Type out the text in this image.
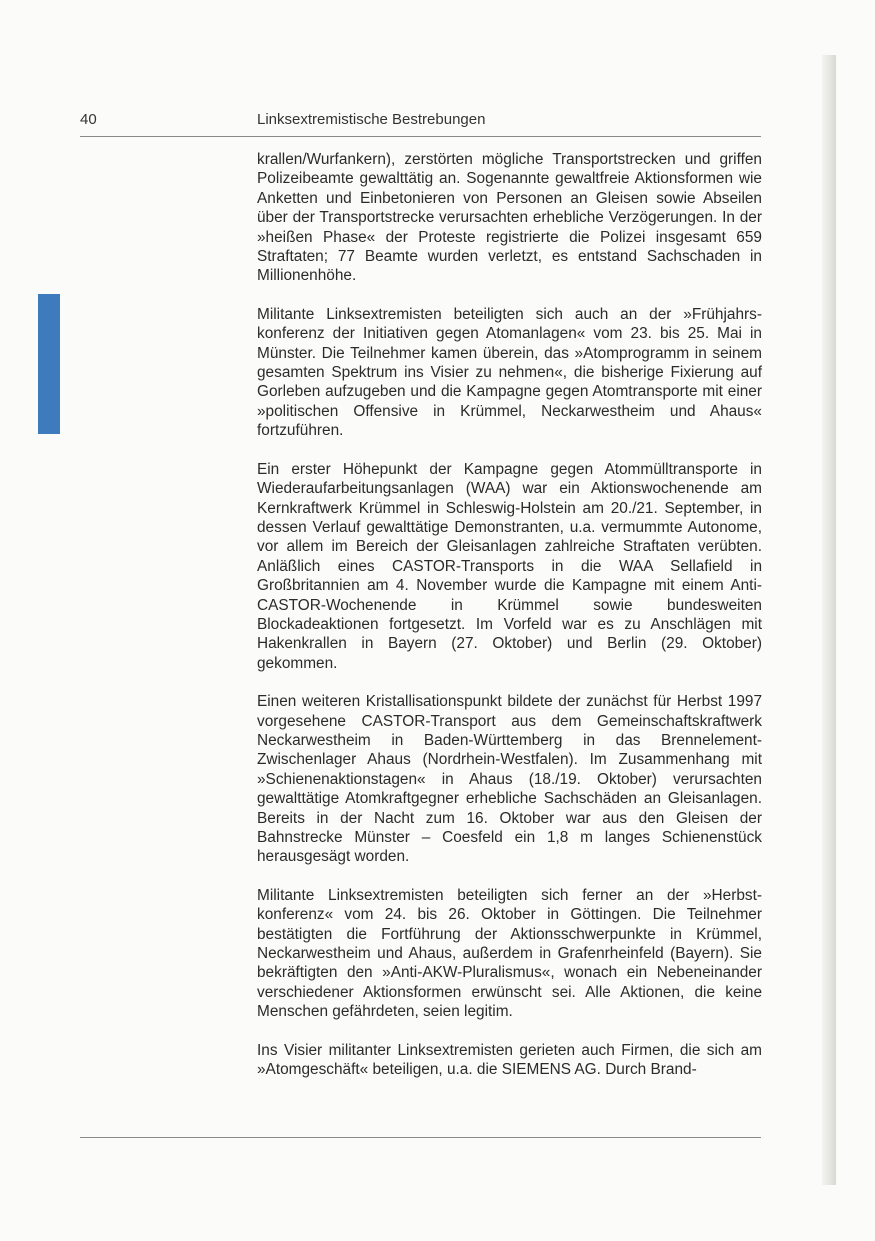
40	Linksextremistische Bestrebungen

krallen/Wurfankern), zerstörten mögliche Transportstrecken und griffen Polizeibeamte gewalttätig an. Sogenannte gewaltfreie Aktionsformen wie Anketten und Einbetonieren von Personen an Gleisen sowie Abseilen über der Transportstrecke verursachten erhebliche Verzögerungen. In der »heißen Phase« der Proteste registrierte die Polizei insgesamt 659 Straftaten; 77 Beamte wurden verletzt, es entstand Sachschaden in Millionenhöhe.

Militante Linksextremisten beteiligten sich auch an der »Frühjahrskonferenz der Initiativen gegen Atomanlagen« vom 23. bis 25. Mai in Münster. Die Teilnehmer kamen überein, das »Atomprogramm in seinem gesamten Spektrum ins Visier zu nehmen«, die bisherige Fixierung auf Gorleben aufzugeben und die Kampagne gegen Atomtransporte mit einer »politischen Offensive in Krümmel, Neckarwestheim und Ahaus« fortzuführen.

Ein erster Höhepunkt der Kampagne gegen Atommülltransporte in Wiederaufarbeitungsanlagen (WAA) war ein Aktionswochenende am Kernkraftwerk Krümmel in Schleswig-Holstein am 20./21. September, in dessen Verlauf gewalttätige Demonstranten, u.a. vermummte Autonome, vor allem im Bereich der Gleisanlagen zahlreiche Straftaten verübten. Anläßlich eines CASTOR-Transports in die WAA Sellafield in Großbritannien am 4. November wurde die Kampagne mit einem Anti-CASTOR-Wochenende in Krümmel sowie bundesweiten Blockadeaktionen fortgesetzt. Im Vorfeld war es zu Anschlägen mit Hakenkrallen in Bayern (27. Oktober) und Berlin (29. Oktober) gekommen.

Einen weiteren Kristallisationspunkt bildete der zunächst für Herbst 1997 vorgesehene CASTOR-Transport aus dem Gemeinschaftskraftwerk Neckarwestheim in Baden-Württemberg in das Brennelement-Zwischenlager Ahaus (Nordrhein-Westfalen). Im Zusammenhang mit »Schienenaktionstagen« in Ahaus (18./19. Oktober) verursachten gewalttätige Atomkraftgegner erhebliche Sachschäden an Gleisanlagen. Bereits in der Nacht zum 16. Oktober war aus den Gleisen der Bahnstrecke Münster – Coesfeld ein 1,8 m langes Schienenstück herausgesägt worden.

Militante Linksextremisten beteiligten sich ferner an der »Herbstkonferenz« vom 24. bis 26. Oktober in Göttingen. Die Teilnehmer bestätigten die Fortführung der Aktionsschwerpunkte in Krümmel, Neckarwestheim und Ahaus, außerdem in Grafenrheinfeld (Bayern). Sie bekräftigten den »Anti-AKW-Pluralismus«, wonach ein Nebeneinander verschiedener Aktionsformen erwünscht sei. Alle Aktionen, die keine Menschen gefährdeten, seien legitim.

Ins Visier militanter Linksextremisten gerieten auch Firmen, die sich am »Atomgeschäft« beteiligen, u.a. die SIEMENS AG. Durch Brand-
